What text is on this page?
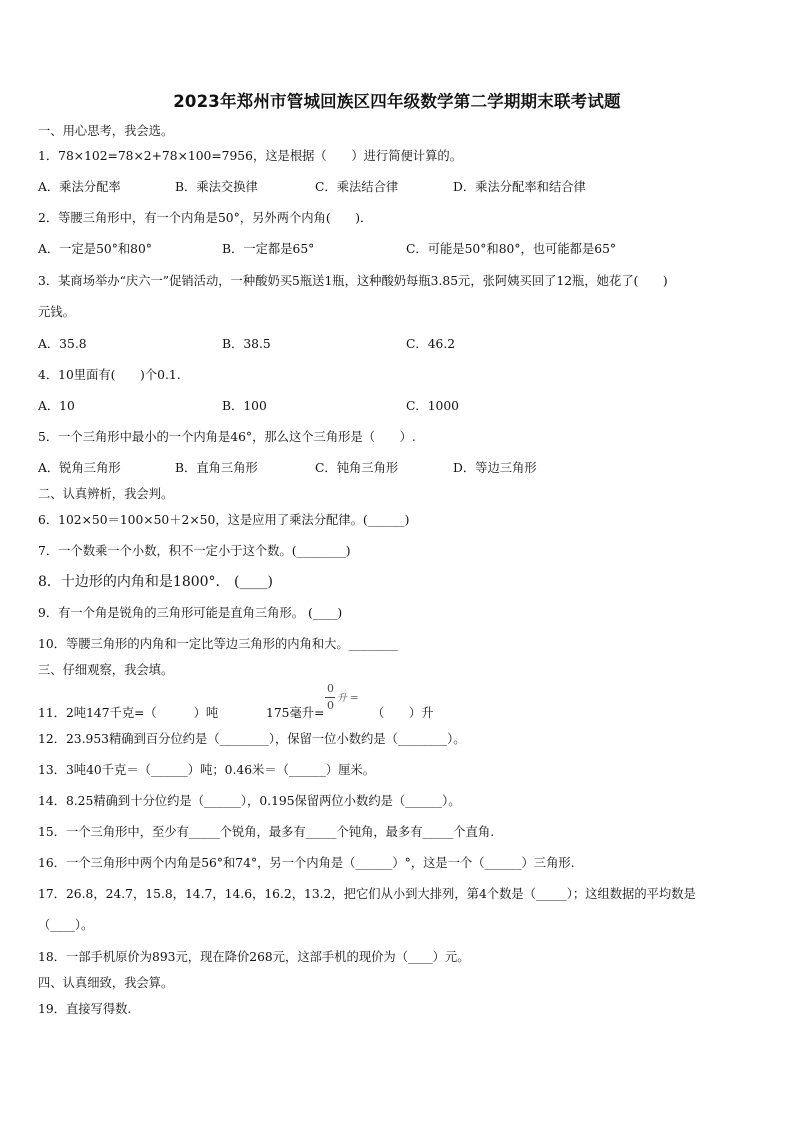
2023年郑州市管城回族区四年级数学第二学期期末联考试题
一、用心思考，我会选。
1．78×102=78×2+78×100=7956，这是根据（　　）进行简便计算的。
A．乘法分配率	B．乘法交换律	C．乘法结合律	D．乘法分配率和结合律
2．等腰三角形中，有一个内角是50°，另外两个内角(　　)．
A．一定是50°和80°	B．一定都是65°	C．可能是50°和80°，也可能都是65°
3．某商场举办“庆六一”促销活动，一种酸奶买5瓶送1瓶，这种酸奶每瓶3.85元，张阿姨买回了12瓶，她花了(　　)
元钱。
A．35.8	B．38.5	C．46.2
4．10里面有(　　)个0.1.
A．10	B．100	C．1000
5．一个三角形中最小的一个内角是46°，那么这个三角形是（　　）.
A．锐角三角形	B．直角三角形	C．钝角三角形	D．等边三角形
二、认真辨析，我会判。
6．102×50＝100×50＋2×50，这是应用了乘法分配律。(______)
7．一个数乘一个小数，积不一定小于这个数。(________)
8．十边形的内角和是1800°． (____)
9．有一个角是锐角的三角形可能是直角三角形。 (____)
10．等腰三角形的内角和一定比等边三角形的内角和大。________
三、仔细观察，我会填。
11．2吨147千克=（　　　）吨	175毫升=
0
0
升 =
（　　）升
12．23.953精确到百分位约是（________），保留一位小数约是（________）。
13．3吨40千克＝（______）吨；0.46米＝（______）厘米。
14．8.25精确到十分位约是（______），0.195保留两位小数约是（______）。
15．一个三角形中，至少有_____个锐角，最多有_____个钝角，最多有_____个直角.
16．一个三角形中两个内角是56°和74°，另一个内角是（______）°，这是一个（______）三角形.
17．26.8，24.7，15.8，14.7，14.6，16.2，13.2，把它们从小到大排列，第4个数是（_____）；这组数据的平均数是
（____）。
18．一部手机原价为893元，现在降价268元，这部手机的现价为（____）元。
四、认真细致，我会算。
19．直接写得数.
